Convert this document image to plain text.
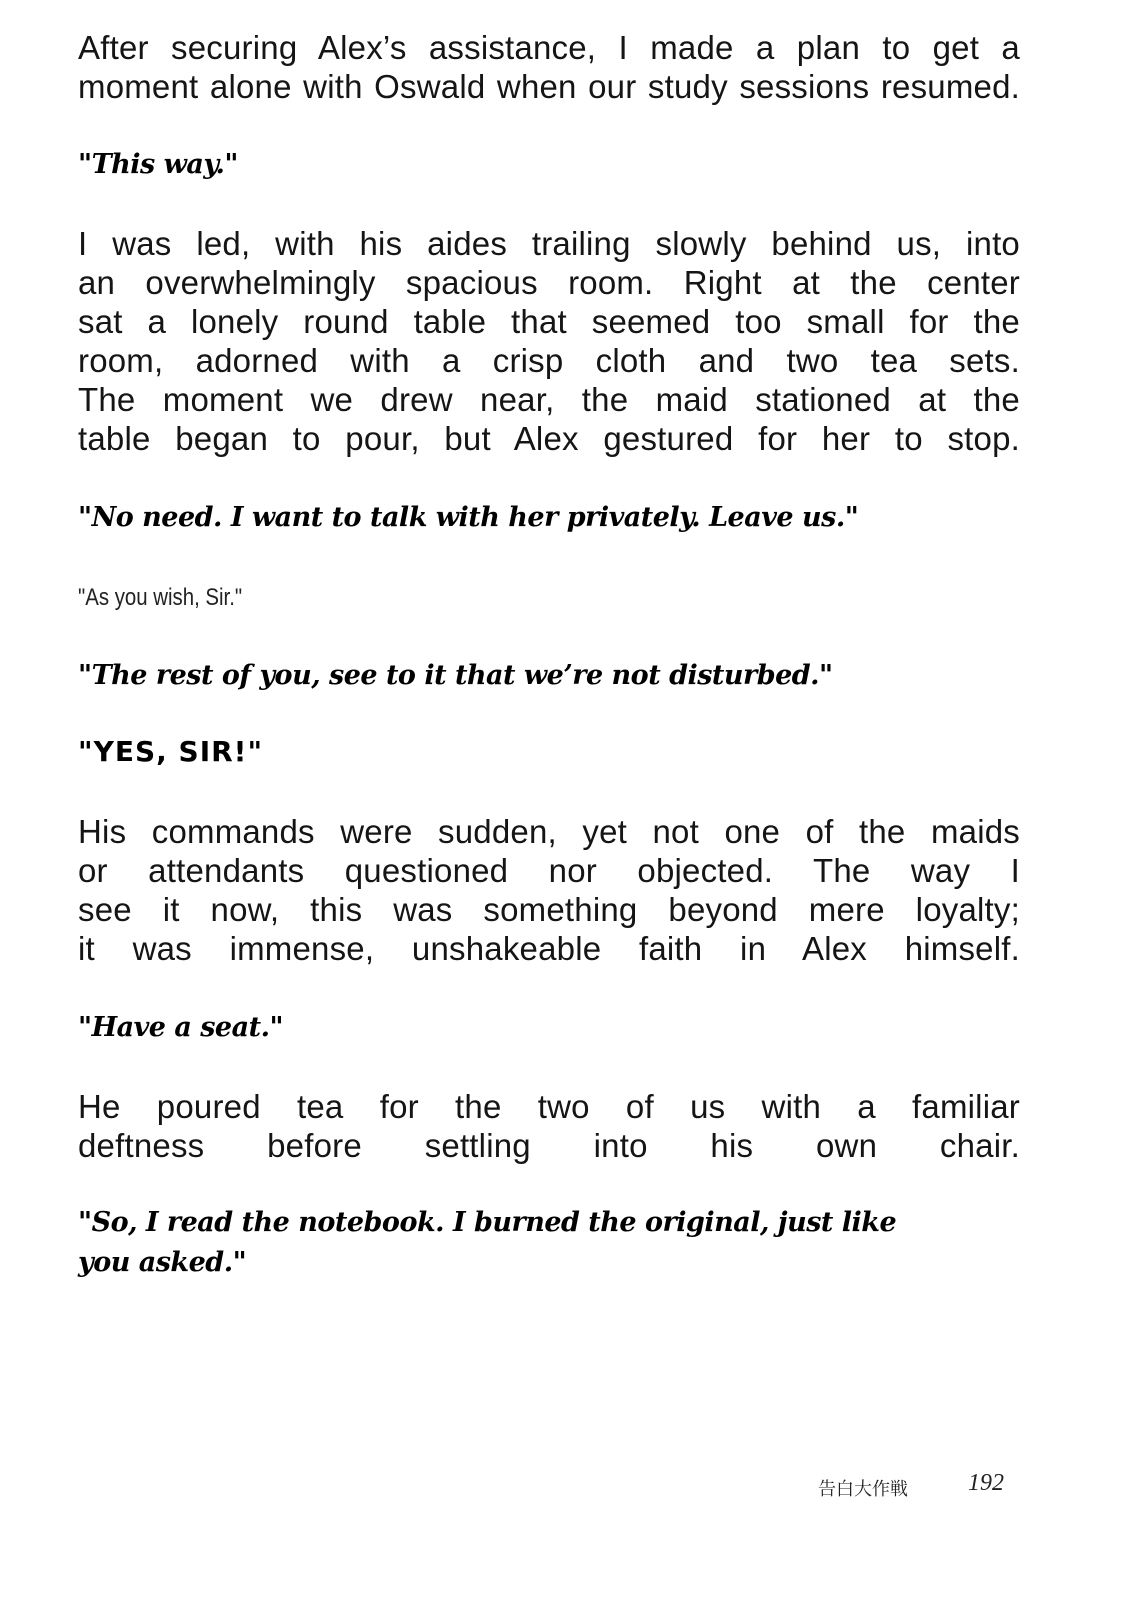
After securing Alex’s assistance, I made a plan to get a
moment alone with Oswald when our study sessions resumed.
"This way."
I was led, with his aides trailing slowly behind us, into
an overwhelmingly spacious room. Right at the center
sat a lonely round table that seemed too small for the
room, adorned with a crisp cloth and two tea sets.
The moment we drew near, the maid stationed at the
table began to pour, but Alex gestured for her to stop.
"No need. I want to talk with her privately. Leave us."
"As you wish, Sir."
"The rest of you, see to it that we’re not disturbed."
"YES, SIR!"
His commands were sudden, yet not one of the maids
or attendants questioned nor objected. The way I
see it now, this was something beyond mere loyalty;
it was immense, unshakeable faith in Alex himself.
"Have a seat."
He poured tea for the two of us with a familiar
deftness before settling into his own chair.
"So, I read the notebook. I burned the original, just like
you asked."
告白大作戦	192
